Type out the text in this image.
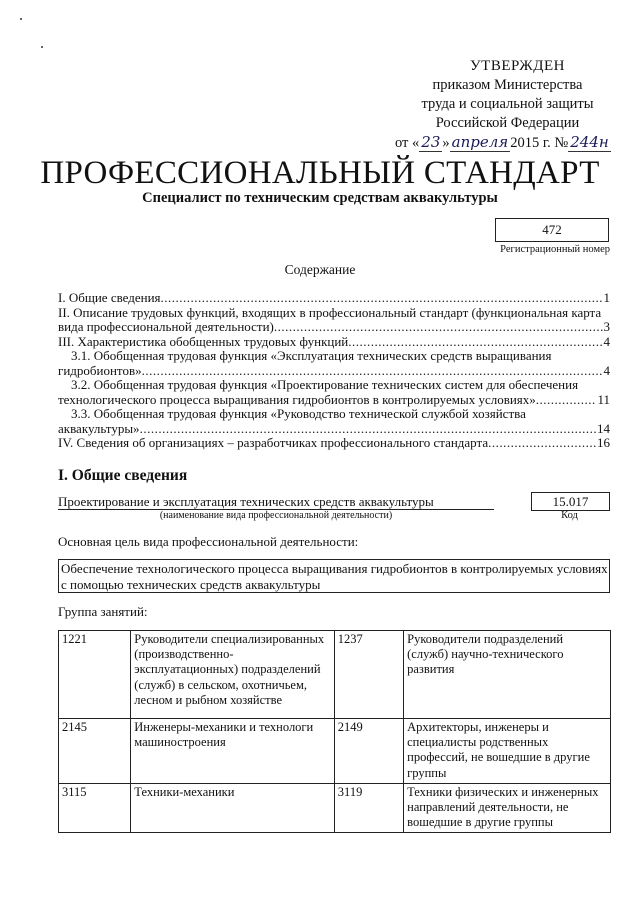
УТВЕРЖДЕН
приказом Министерства
труда и социальной защиты
Российской Федерации
от « 23 » апреля 2015 г. № 244н
ПРОФЕССИОНАЛЬНЫЙ СТАНДАРТ
Специалист по техническим средствам аквакультуры
472
Регистрационный номер
Содержание
I. Общие сведения .....	1
II. Описание трудовых функций, входящих в профессиональный стандарт (функциональная карта
вида профессиональной деятельности) .....	3
III. Характеристика обобщенных трудовых функций .....	4
3.1. Обобщенная трудовая функция «Эксплуатация технических средств выращивания
гидробионтов» .....	4
3.2. Обобщенная трудовая функция «Проектирование технических систем для обеспечения
технологического процесса выращивания гидробионтов в контролируемых условиях» .....	11
3.3. Обобщенная трудовая функция «Руководство технической службой хозяйства
аквакультуры» .....	14
IV. Сведения об организациях – разработчиках профессионального стандарта .....	16
I. Общие сведения
Проектирование и эксплуатация технических средств аквакультуры
(наименование вида профессиональной деятельности)
15.017
Код
Основная цель вида профессиональной деятельности:
Обеспечение технологического процесса выращивания гидробионтов в контролируемых условиях
с помощью технических средств аквакультуры
Группа занятий:
1221	Руководители специализированных (производственно-эксплуатационных) подразделений (служб) в сельском, охотничьем, лесном и рыбном хозяйстве	1237	Руководители подразделений (служб) научно-технического развития
2145	Инженеры-механики и технологи машиностроения	2149	Архитекторы, инженеры и специалисты родственных профессий, не вошедшие в другие группы
3115	Техники-механики	3119	Техники физических и инженерных направлений деятельности, не вошедшие в другие группы
